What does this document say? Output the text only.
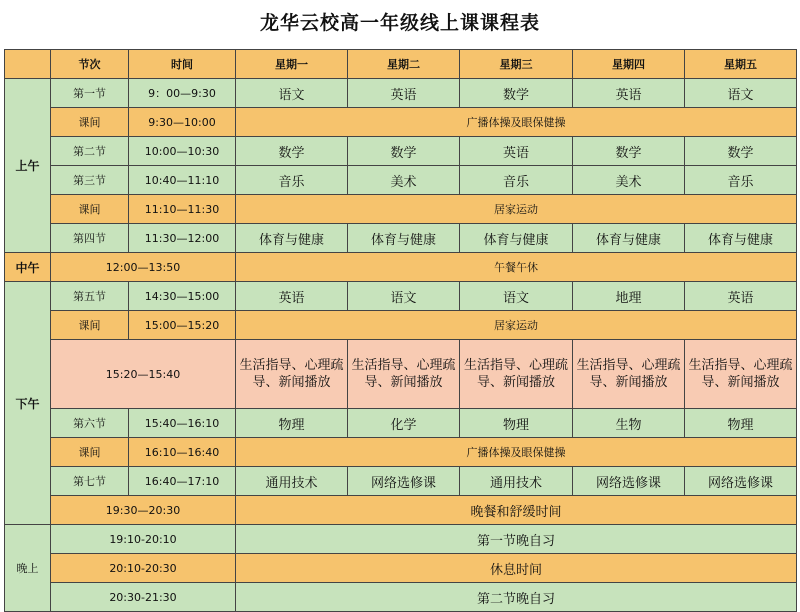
龙华云校高一年级线上课课程表
	节次	时间	星期一	星期二	星期三	星期四	星期五
上午	第一节	9：00—9:30	语文	英语	数学	英语	语文
	课间	9:30—10:00	广播体操及眼保健操				
	第二节	10:00—10:30	数学	数学	英语	数学	数学
	第三节	10:40—11:10	音乐	美术	音乐	美术	音乐
	课间	11:10—11:30	居家运动				
	第四节	11:30—12:00	体育与健康	体育与健康	体育与健康	体育与健康	体育与健康
中午	12:00—13:50		午餐午休				
下午	第五节	14:30—15:00	英语	语文	语文	地理	英语
	课间	15:00—15:20	居家运动				
	15:20—15:40		生活指导、心理疏导、新闻播放	生活指导、心理疏导、新闻播放	生活指导、心理疏导、新闻播放	生活指导、心理疏导、新闻播放	生活指导、心理疏导、新闻播放
	第六节	15:40—16:10	物理	化学	物理	生物	物理
	课间	16:10—16:40	广播体操及眼保健操				
	第七节	16:40—17:10	通用技术	网络选修课	通用技术	网络选修课	网络选修课
	19:30—20:30		晚餐和舒缓时间				
晚上	19:10-20:10		第一节晚自习				
	20:10-20:30		休息时间				
	20:30-21:30		第二节晚自习				
